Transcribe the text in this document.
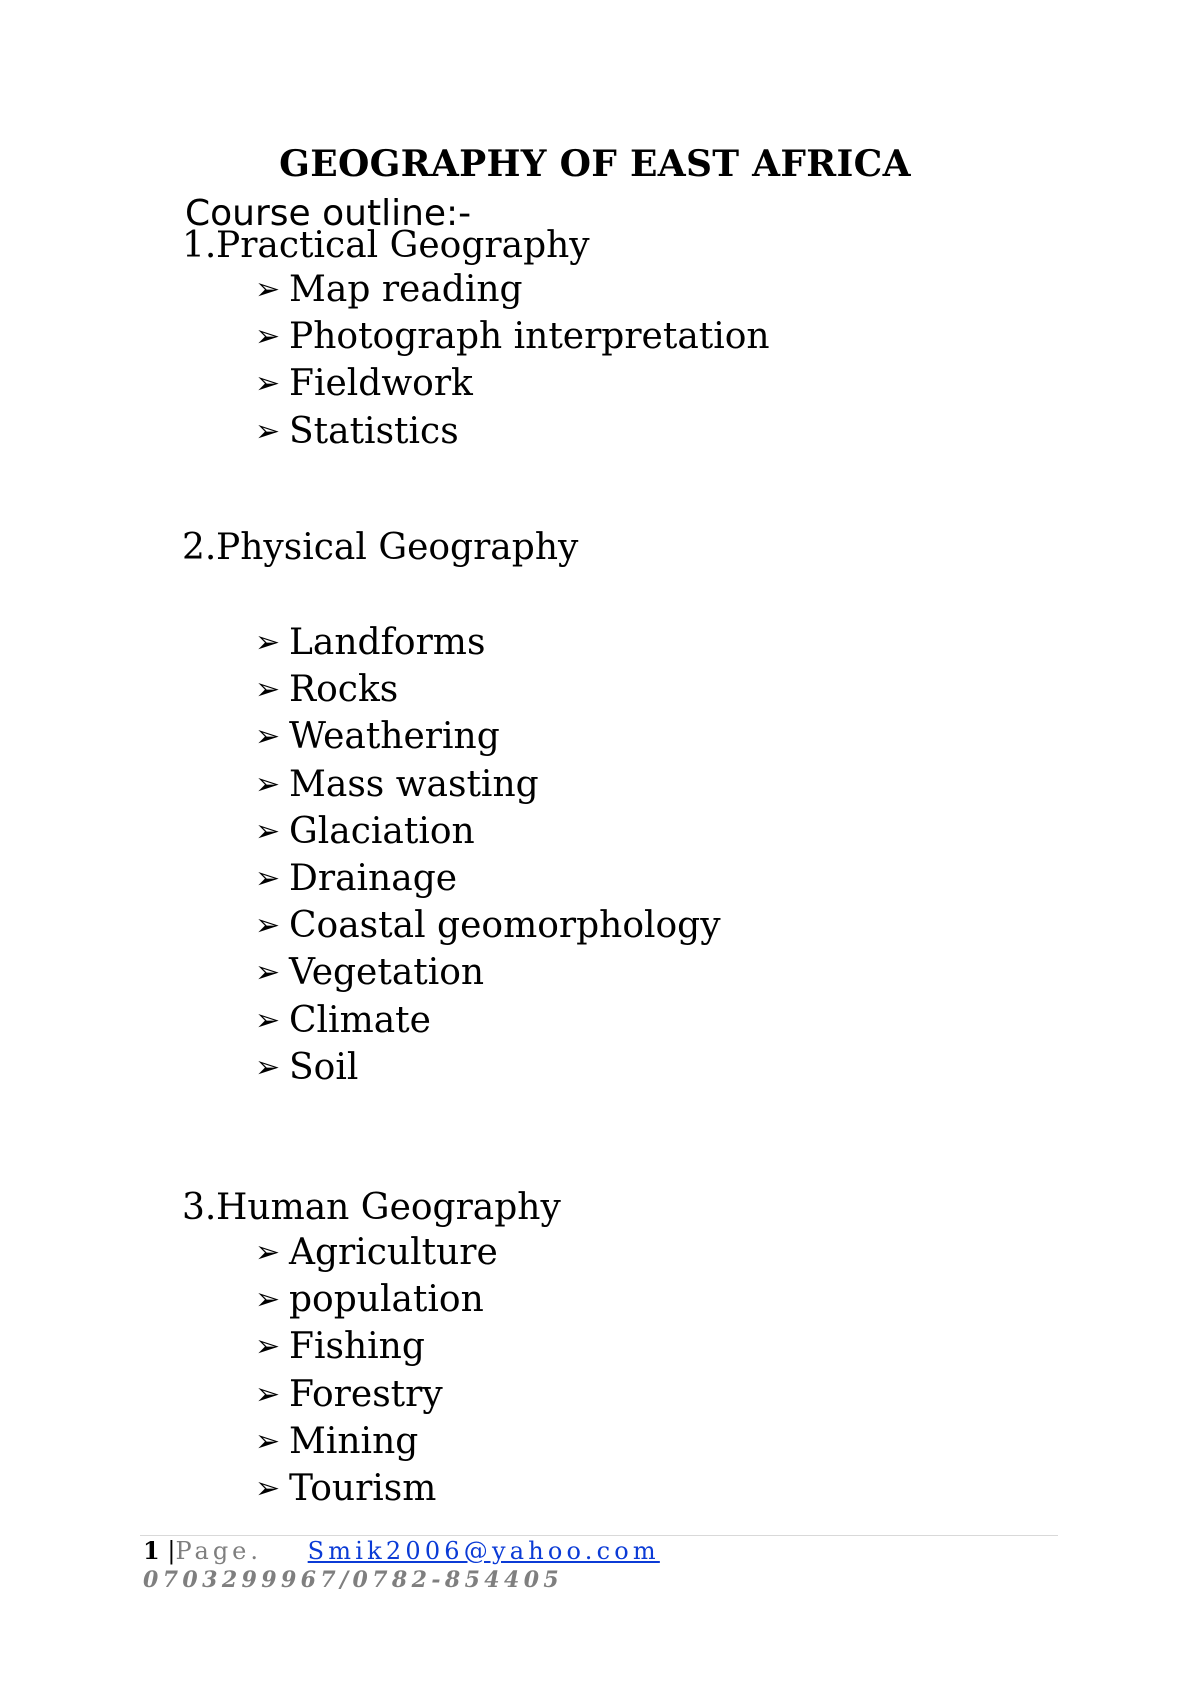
GEOGRAPHY OF EAST AFRICA
Course outline:-
1.Practical Geography
➢ Map reading
➢ Photograph interpretation
➢ Fieldwork
➢ Statistics
2.Physical Geography
➢ Landforms
➢ Rocks
➢ Weathering
➢ Mass wasting
➢ Glaciation
➢ Drainage
➢ Coastal geomorphology
➢ Vegetation
➢ Climate
➢ Soil
3.Human Geography
➢ Agriculture
➢ population
➢ Fishing
➢ Forestry
➢ Mining
➢ Tourism
1 |Page. Smik2006@yahoo.com
0703299967/0782-854405
